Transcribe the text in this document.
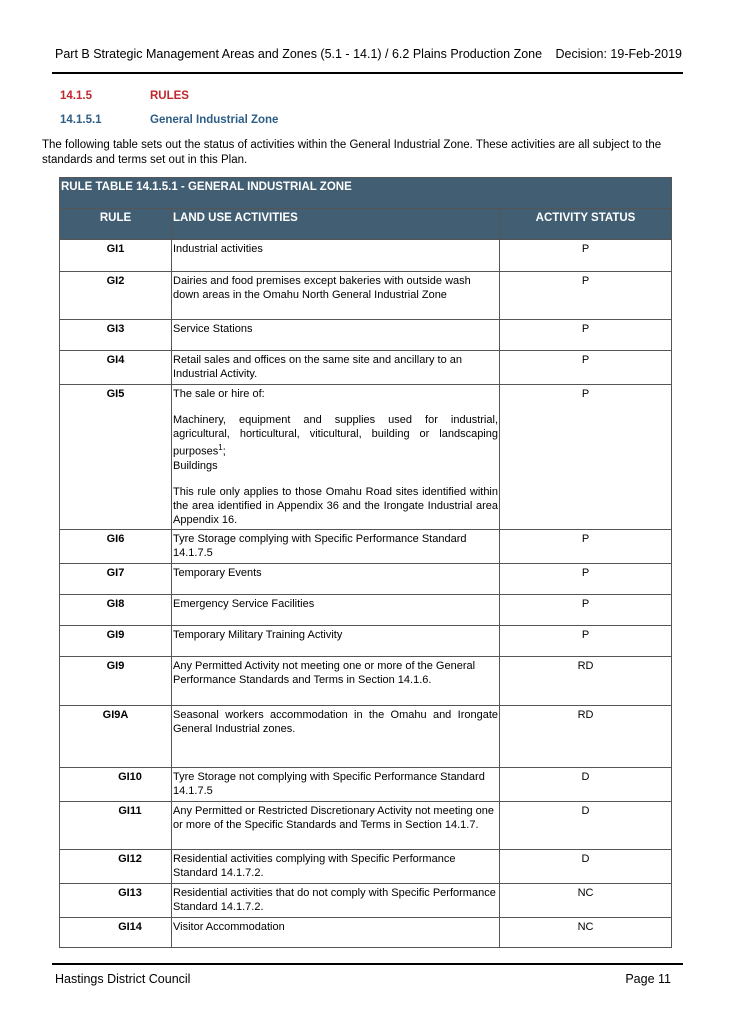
Part B Strategic Management Areas and Zones (5.1 - 14.1) / 6.2 Plains Production Zone Decision: 19-Feb-2019
14.1.5	RULES
14.1.5.1	General Industrial Zone
The following table sets out the status of activities within the General Industrial Zone. These activities are all subject to the standards and terms set out in this Plan.
RULE TABLE 14.1.5.1 - GENERAL INDUSTRIAL ZONE		
RULE	LAND USE ACTIVITIES	ACTIVITY STATUS
GI1	Industrial activities	P
GI2	Dairies and food premises except bakeries with outside wash down areas in the Omahu North General Industrial Zone	P
GI3	Service Stations	P
GI4	Retail sales and offices on the same site and ancillary to an Industrial Activity.	P
GI5	The sale or hire of:
Machinery, equipment and supplies used for industrial, agricultural, horticultural, viticultural, building or landscaping purposes$^1$;
Buildings
This rule only applies to those Omahu Road sites identified within the area identified in Appendix 36 and the Irongate Industrial area Appendix 16.	P
GI6	Tyre Storage complying with Specific Performance Standard 14.1.7.5	P
GI7	Temporary Events	P
GI8	Emergency Service Facilities	P
GI9	Temporary Military Training Activity	P
GI9	Any Permitted Activity not meeting one or more of the General Performance Standards and Terms in Section 14.1.6.	RD
GI9A	Seasonal workers accommodation in the Omahu and Irongate General Industrial zones.	RD
GI10	Tyre Storage not complying with Specific Performance Standard 14.1.7.5	D
GI11	Any Permitted or Restricted Discretionary Activity not meeting one or more of the Specific Standards and Terms in Section 14.1.7.	D
GI12	Residential activities complying with Specific Performance Standard 14.1.7.2.	D
GI13	Residential activities that do not comply with Specific Performance Standard 14.1.7.2.	NC
GI14	Visitor Accommodation	NC
Hastings District Council	Page 11
